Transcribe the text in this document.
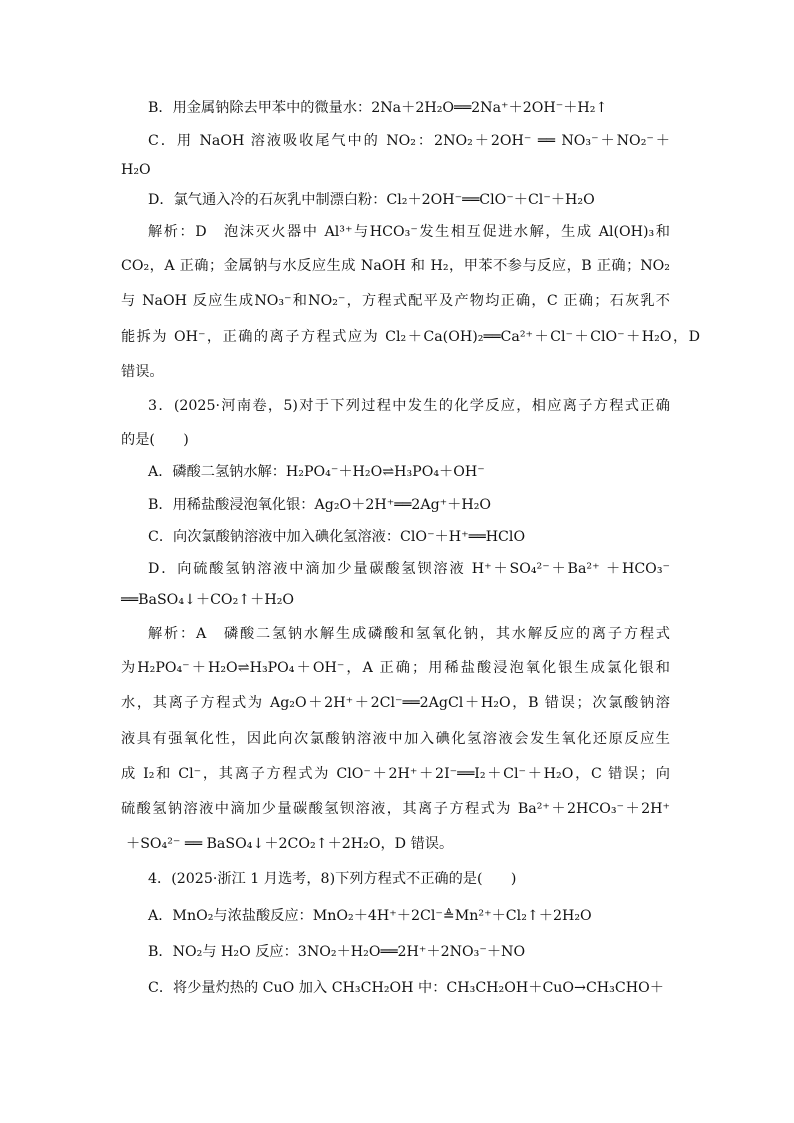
B．用金属钠除去甲苯中的微量水：2Na＋2H₂O══2Na⁺＋2OH⁻＋H₂↑
C．用 NaOH 溶液吸收尾气中的 NO₂：2NO₂＋2OH⁻ ══ NO₃⁻＋NO₂⁻＋
H₂O
D．氯气通入冷的石灰乳中制漂白粉：Cl₂＋2OH⁻══ClO⁻＋Cl⁻＋H₂O
解析：D　泡沫灭火器中 Al³⁺与HCO₃⁻发生相互促进水解，生成 Al(OH)₃和
CO₂，A 正确；金属钠与水反应生成 NaOH 和 H₂，甲苯不参与反应，B 正确；NO₂
与 NaOH 反应生成NO₃⁻和NO₂⁻，方程式配平及产物均正确，C 正确；石灰乳不
能拆为 OH⁻，正确的离子方程式应为 Cl₂＋Ca(OH)₂══Ca²⁺＋Cl⁻＋ClO⁻＋H₂O，D
错误。
3．(2025·河南卷，5)对于下列过程中发生的化学反应，相应离子方程式正确
的是(　　)
A．磷酸二氢钠水解：H₂PO₄⁻＋H₂O⇌H₃PO₄＋OH⁻
B．用稀盐酸浸泡氧化银：Ag₂O＋2H⁺══2Ag⁺＋H₂O
C．向次氯酸钠溶液中加入碘化氢溶液：ClO⁻＋H⁺══HClO
D．向硫酸氢钠溶液中滴加少量碳酸氢钡溶液 H⁺＋SO₄²⁻＋Ba²⁺ ＋HCO₃⁻
══BaSO₄↓＋CO₂↑＋H₂O
解析：A　磷酸二氢钠水解生成磷酸和氢氧化钠，其水解反应的离子方程式
为H₂PO₄⁻＋H₂O⇌H₃PO₄＋OH⁻，A 正确；用稀盐酸浸泡氧化银生成氯化银和
水，其离子方程式为 Ag₂O＋2H⁺＋2Cl⁻══2AgCl＋H₂O，B 错误；次氯酸钠溶
液具有强氧化性，因此向次氯酸钠溶液中加入碘化氢溶液会发生氧化还原反应生
成 I₂和 Cl⁻，其离子方程式为 ClO⁻＋2H⁺＋2I⁻══I₂＋Cl⁻＋H₂O，C 错误；向
硫酸氢钠溶液中滴加少量碳酸氢钡溶液，其离子方程式为 Ba²⁺＋2HCO₃⁻＋2H⁺
＋SO₄²⁻ ══ BaSO₄↓＋2CO₂↑＋2H₂O，D 错误。
4．(2025·浙江 1 月选考，8)下列方程式不正确的是(　　)
A．MnO₂与浓盐酸反应：MnO₂＋4H⁺＋2Cl⁻≜Mn²⁺＋Cl₂↑＋2H₂O
B．NO₂与 H₂O 反应：3NO₂＋H₂O══2H⁺＋2NO₃⁻＋NO
C．将少量灼热的 CuO 加入 CH₃CH₂OH 中：CH₃CH₂OH＋CuO→CH₃CHO＋
